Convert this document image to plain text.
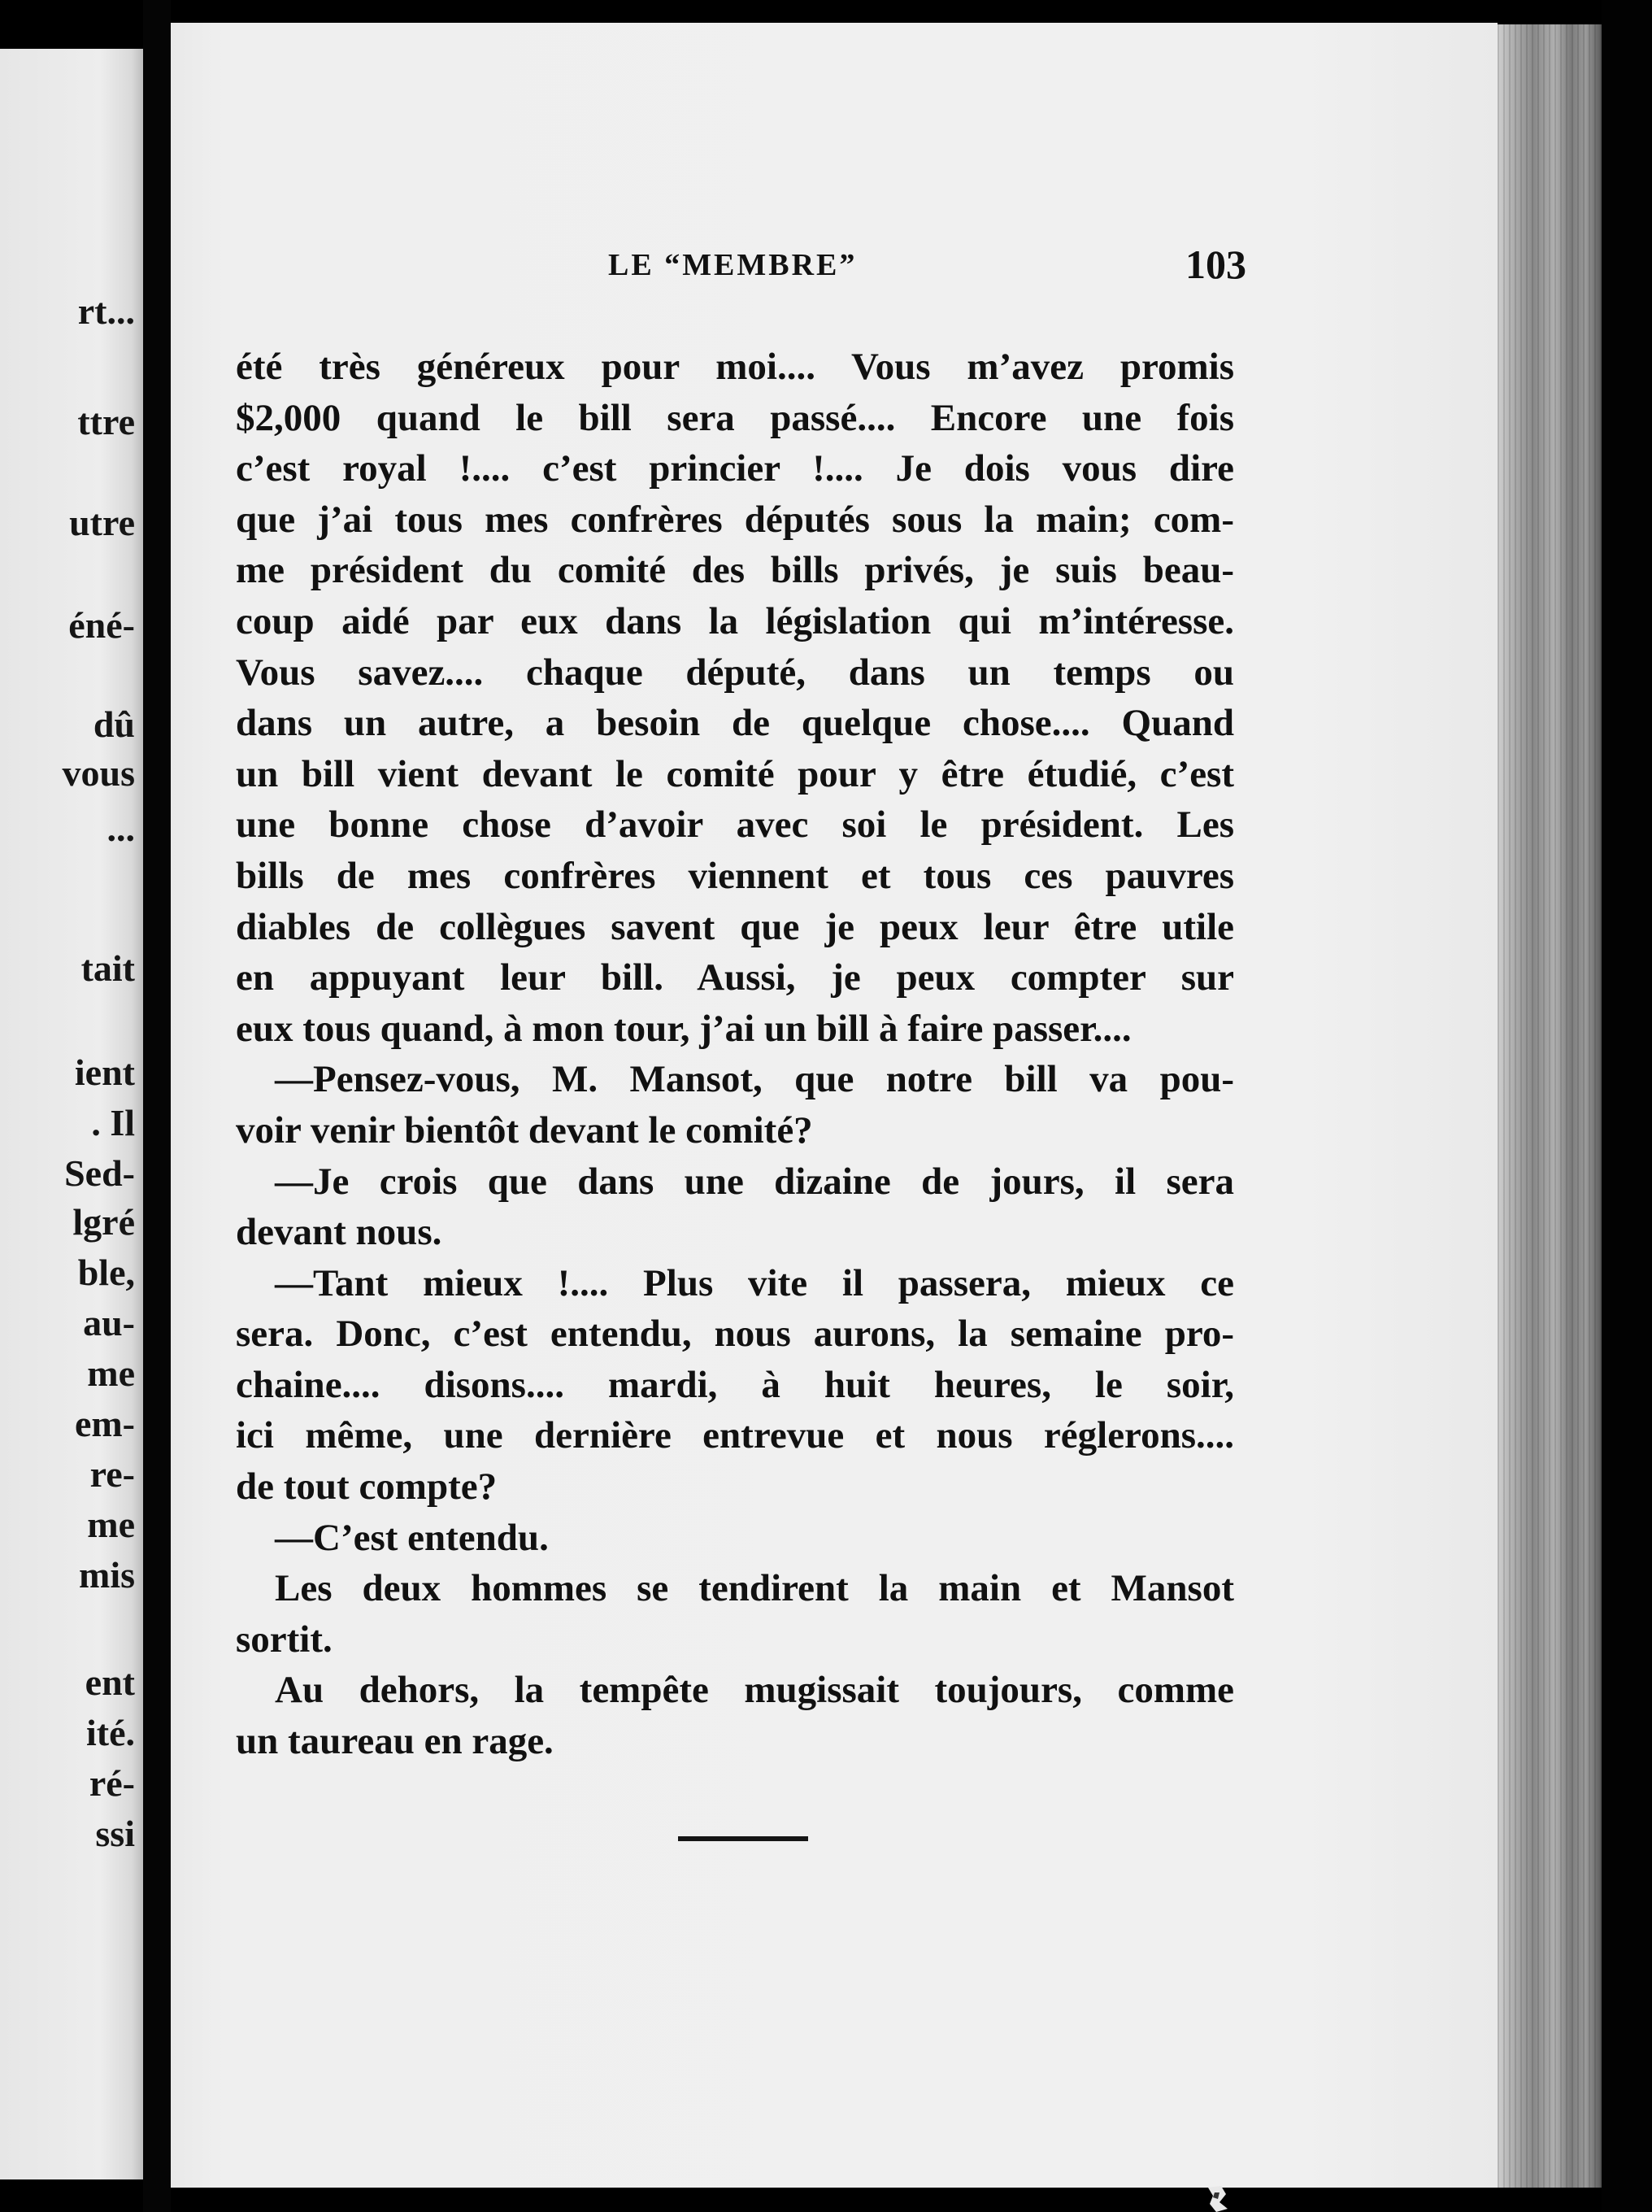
rt...
ttre
utre
éné-
dû
vous
...
tait
ient
. Il
Sed-
lgré
ble,
au-
me
em-
re-
me
mis
ent
ité.
ré-
ssi
LE “MEMBRE”	103
été très généreux pour moi.... Vous m’avez promis
$2,000 quand le bill sera passé.... Encore une fois
c’est royal !.... c’est princier !.... Je dois vous dire
que j’ai tous mes confrères députés sous la main; com-
me président du comité des bills privés, je suis beau-
coup aidé par eux dans la législation qui m’intéresse.
Vous savez.... chaque député, dans un temps ou
dans un autre, a besoin de quelque chose.... Quand
un bill vient devant le comité pour y être étudié, c’est
une bonne chose d’avoir avec soi le président. Les
bills de mes confrères viennent et tous ces pauvres
diables de collègues savent que je peux leur être utile
en appuyant leur bill. Aussi, je peux compter sur
eux tous quand, à mon tour, j’ai un bill à faire passer....
—Pensez-vous, M. Mansot, que notre bill va pou-
voir venir bientôt devant le comité?
—Je crois que dans une dizaine de jours, il sera
devant nous.
—Tant mieux !.... Plus vite il passera, mieux ce
sera. Donc, c’est entendu, nous aurons, la semaine pro-
chaine.... disons.... mardi, à huit heures, le soir,
ici même, une dernière entrevue et nous réglerons....
de tout compte?
—C’est entendu.
Les deux hommes se tendirent la main et Mansot
sortit.
Au dehors, la tempête mugissait toujours, comme
un taureau en rage.
